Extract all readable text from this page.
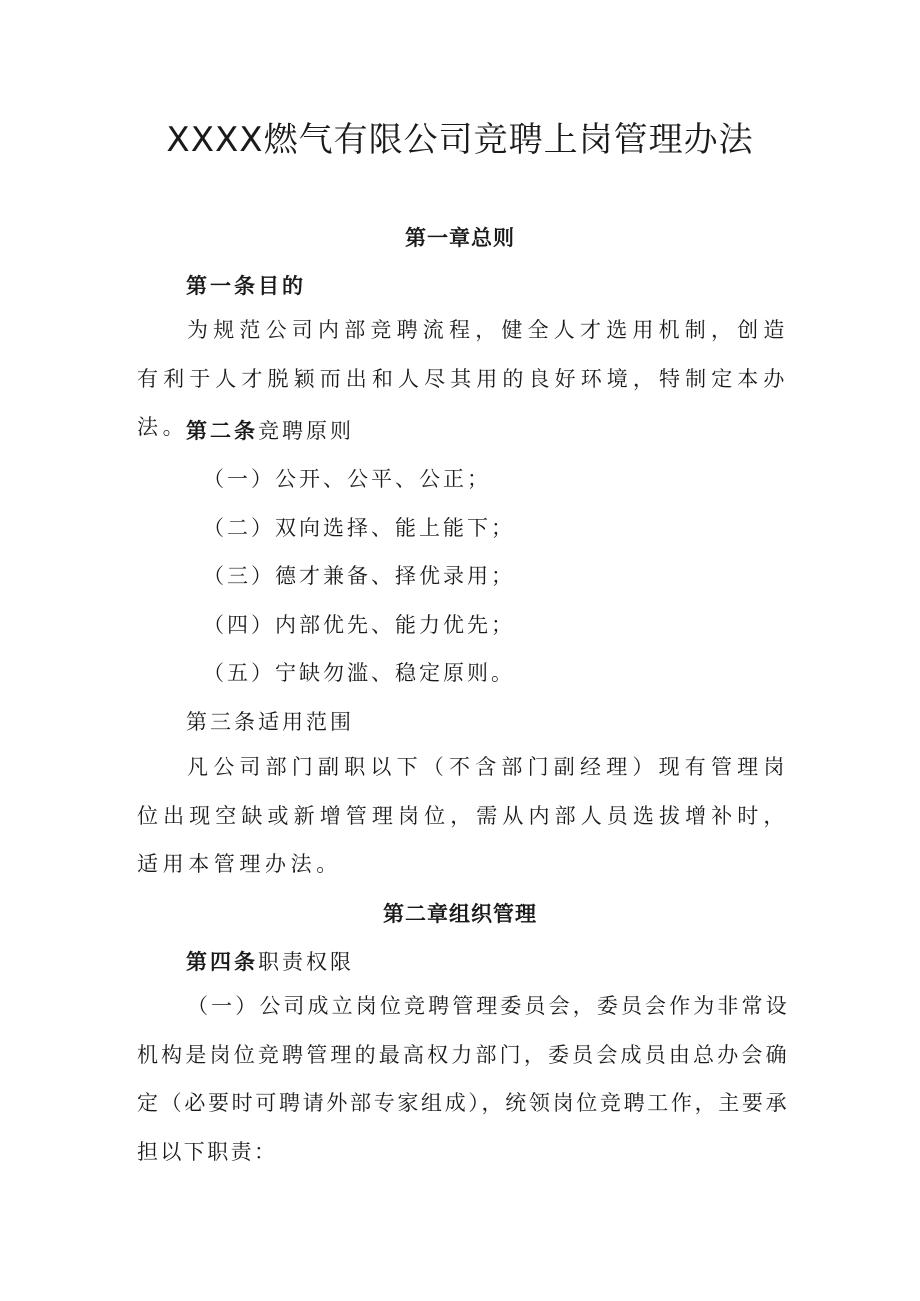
XXXX燃气有限公司竞聘上岗管理办法
第一章总则
第一条目的

为规范公司内部竞聘流程，健全人才选用机制，创造有利于人才脱颖而出和人尽其用的良好环境，特制定本办法。

第二条竞聘原则
（一）公开、公平、公正；
（二）双向选择、能上能下；
（三）德才兼备、择优录用；
（四）内部优先、能力优先；
（五）宁缺勿滥、稳定原则。
第三条适用范围

凡公司部门副职以下（不含部门副经理）现有管理岗位出现空缺或新增管理岗位，需从内部人员选拔增补时，适用本管理办法。

第二章组织管理
第四条职责权限

（一）公司成立岗位竞聘管理委员会，委员会作为非常设机构是岗位竞聘管理的最高权力部门，委员会成员由总办会确定（必要时可聘请外部专家组成），统领岗位竞聘工作，主要承担以下职责：
